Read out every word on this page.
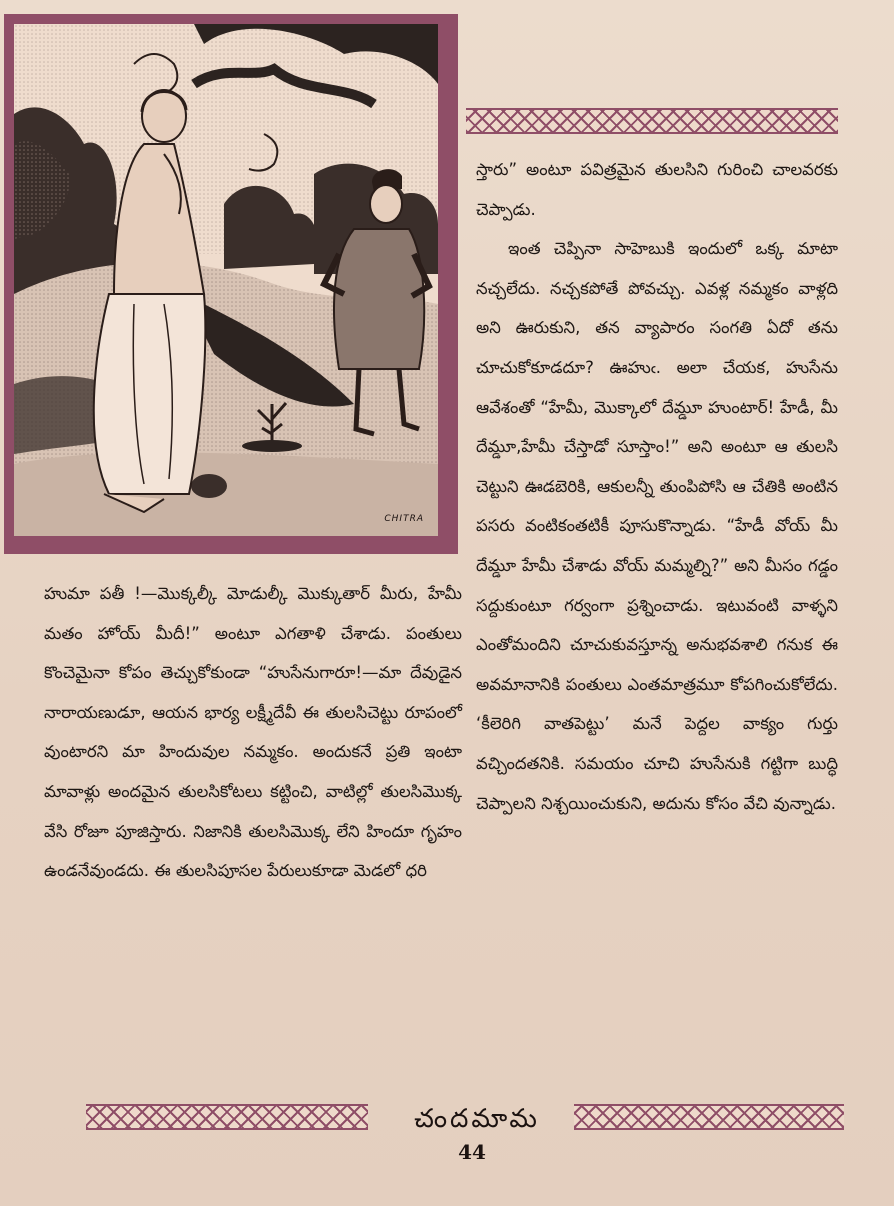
CHITRA

స్తారు” అంటూ పవిత్రమైన తులసిని గురించి చాలవరకు చెప్పాడు.

ఇంత చెప్పినా సాహెబుకి ఇందులో ఒక్క మాటా నచ్చలేదు. నచ్చకపోతే పోవచ్చు. ఎవళ్ల నమ్మకం వాళ్లది అని ఊరుకుని, తన వ్యాపారం సంగతి ఏదో తను చూచుకోకూడదూ? ఊహుఁ. అలా చేయక, హుసేను ఆవేశంతో “హేమీ, మొక్కాలో దేమ్డూ హుంటార్! హేడీ, మీ దేమ్డూ,హేమీ చేస్తాడో సూస్తాం!” అని అంటూ ఆ తులసి చెట్టుని ఊడబెరికి, ఆకులన్నీ తుంపిపోసి ఆ చేతికి అంటిన పసరు వంటికంతటికీ పూసుకొన్నాడు. “హేడీ వోయ్ మీ దేమ్డూ హేమీ చేశాడు వోయ్ మమ్మల్ని?” అని మీసం గడ్డం సద్దుకుంటూ గర్వంగా ప్రశ్నించాడు. ఇటువంటి వాళ్ళని ఎంతోమందిని చూచుకువస్తూన్న అనుభవశాలి గనుక ఈ అవమానానికి పంతులు ఎంతమాత్రమూ కోపగించుకోలేదు. ‘కీలెరిగి వాతపెట్టు’ మనే పెద్దల వాక్యం గుర్తు వచ్చిందతనికి. సమయం చూచి హుసేనుకి గట్టిగా బుద్ధి చెప్పాలని నిశ్చయించుకుని, అదును కోసం వేచి వున్నాడు.

హుమా పతీ !—మొక్కల్కీ మోడుల్కీ మొక్కుతార్ మీరు, హేమీ మతం హోయ్ మీదీ!” అంటూ ఎగతాళి చేశాడు. పంతులు కొంచెమైనా కోపం తెచ్చుకోకుండా “హుసేనుగారూ!—మా దేవుడైన నారాయణుడూ, ఆయన భార్య లక్ష్మీదేవీ ఈ తులసిచెట్టు రూపంలో వుంటారని మా హిందువుల నమ్మకం. అందుకనే ప్రతి ఇంటా మావాళ్లు అందమైన తులసికోటలు కట్టించి, వాటిల్లో తులసిమొక్క వేసి రోజూ పూజిస్తారు. నిజానికి తులసిమొక్క లేని హిందూ గృహం ఉండనేవుండదు. ఈ తులసిపూసల పేరులుకూడా మెడలో ధరి

చందమామ
44
